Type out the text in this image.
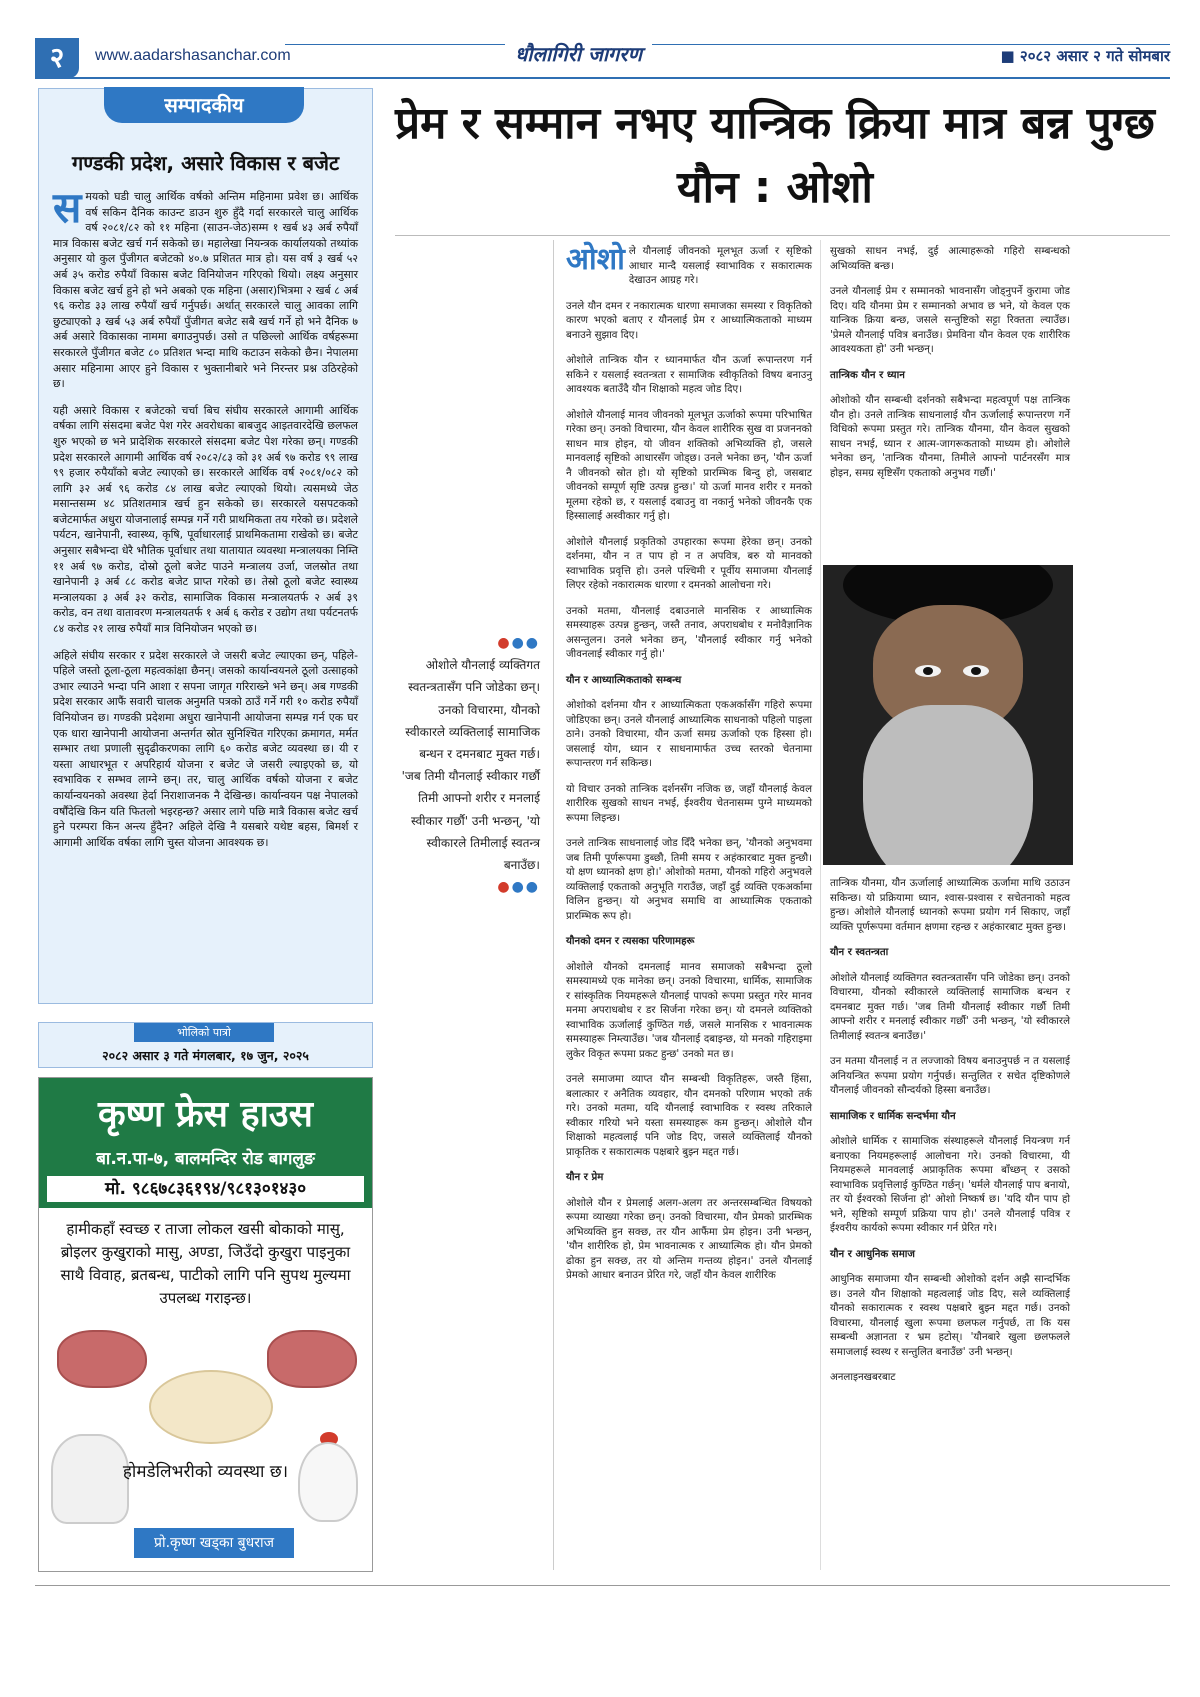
२	www.aadarshasanchar.com	धौलागिरी जागरण	■ २०८२ असार २ गते सोमबार
सम्पादकीय
गण्डकी प्रदेश, असारे विकास र बजेट

समयको घडी चालु आर्थिक वर्षको अन्तिम महिनामा प्रवेश छ। आर्थिक वर्ष सकिन दैनिक काउन्ट डाउन शुरु हुँदै गर्दा सरकारले चालु आर्थिक वर्ष २०८१/८२ को ११ महिना (साउन-जेठ)सम्म १ खर्ब ४३ अर्ब रुपैयाँ मात्र विकास बजेट खर्च गर्न सकेको छ। महालेखा नियन्त्रक कार्यालयको तथ्यांक अनुसार यो कुल पुँजीगत बजेटको ४०.७ प्रशितत मात्र हो। यस वर्ष ३ खर्ब ५२ अर्ब ३५ करोड रुपैयाँ विकास बजेट विनियोजन गरिएको थियो। लक्ष्य अनुसार विकास बजेट खर्च हुने हो भने अबको एक महिना (असार)भित्रमा २ खर्ब ८ अर्ब ९६ करोड ३३ लाख रुपैयाँ खर्च गर्नुपर्छ। अर्थात् सरकारले चालु आवका लागि छुट्याएको ३ खर्ब ५३ अर्ब रुपैयाँ पुँजीगत बजेट सबै खर्च गर्ने हो भने दैनिक ७ अर्ब असारे विकासका नाममा बगाउनुपर्छ। उसो त पछिल्लो आर्थिक वर्षहरूमा सरकारले पुँजीगत बजेट ८० प्रतिशत भन्दा माथि कटाउन सकेको छैन। नेपालमा असार महिनामा आएर हुने विकास र भुक्तानीबारे भने निरन्तर प्रश्न उठिरहेको छ।

यही असारे विकास र बजेटको चर्चा बिच संघीय सरकारले आगामी आर्थिक वर्षका लागि संसदमा बजेट पेश गरेर अवरोधका बाबजुद आइतवारदेखि छलफल शुरु भएको छ भने प्रादेशिक सरकारले संसदमा बजेट पेश गरेका छन्। गण्डकी प्रदेश सरकारले आगामी आर्थिक वर्ष २०८२/८३ को ३१ अर्ब ९७ करोड ९९ लाख ९९ हजार रुपैयाँको बजेट ल्याएको छ। सरकारले आर्थिक वर्ष २०८१/०८२ को लागि ३२ अर्ब ९६ करोड ८४ लाख बजेट ल्याएको थियो। त्यसमध्ये जेठ मसान्तसम्म ४८ प्रतिशतमात्र खर्च हुन सकेको छ। सरकारले यसपटकको बजेटमार्फत अधुरा योजनालाई सम्पन्न गर्ने गरी प्राथमिकता तय गरेको छ। प्रदेशले पर्यटन, खानेपानी, स्वास्थ्य, कृषि, पूर्वाधारलाई प्राथमिकतामा राखेको छ। बजेट अनुसार सबैभन्दा धेरै भौतिक पूर्वाधार तथा यातायात व्यवस्था मन्त्रालयका निम्ति ११ अर्ब ९७ करोड, दोस्रो ठूलो बजेट पाउने मन्त्रालय उर्जा, जलस्रोत तथा खानेपानी ३ अर्ब ८८ करोड बजेट प्राप्त गरेको छ। तेस्रो ठूलो बजेट स्वास्थ्य मन्त्रालयका ३ अर्ब ३२ करोड, सामाजिक विकास मन्त्रालयतर्फ २ अर्ब ३९ करोड, वन तथा वातावरण मन्त्रालयतर्फ १ अर्ब ६ करोड र उद्योग तथा पर्यटनतर्फ ८४ करोड २१ लाख रुपैयाँ मात्र विनियोजन भएको छ।

अहिले संघीय सरकार र प्रदेश सरकारले जे जसरी बजेट ल्याएका छन्, पहिले-पहिले जस्तो ठूला-ठूला महत्वकांक्षा छैनन्। जसको कार्यान्वयनले ठूलो उत्साहको उभार ल्याउने भन्दा पनि आशा र सपना जागृत गरिराख्ने भने छन्। अब गण्डकी प्रदेश सरकार आफैं सवारी चालक अनुमति पत्रको ठाउँ गर्ने गरी १० करोड रुपैयाँ विनियोजन छ। गण्डकी प्रदेशमा अधुरा खानेपानी आयोजना सम्पन्न गर्न एक घर एक धारा खानेपानी आयोजना अन्तर्गत स्रोत सुनिश्चित गरिएका क्रमागत, मर्मत सम्भार तथा प्रणाली सुदृढीकरणका लागि ६० करोड बजेट व्यवस्था छ। यी र यस्ता आधारभूत र अपरिहार्य योजना र बजेट जे जसरी ल्याइएको छ, यो स्वभाविक र सम्भव लाग्ने छन्। तर, चालु आर्थिक वर्षको योजना र बजेट कार्यान्वयनको अवस्था हेर्दा निराशाजनक नै देखिन्छ। कार्यान्वयन पक्ष नेपालको वर्षौंदेखि किन यति फितलो भइरहन्छ? असार लागे पछि मात्रै विकास बजेट खर्च हुने परम्परा किन अन्त्य हुँदैन? अहिले देखि नै यसबारे यथेष्ट बहस, बिमर्श र आगामी आर्थिक वर्षका लागि चुस्त योजना आवश्यक छ।

भोलिको पात्रो
२०८२ असार ३ गते मंगलबार, १७ जुन, २०२५
कृष्ण फ्रेस हाउस
बा.न.पा-७, बालमन्दिर रोड बागलुङ
मो. ९८६७८३६१९४/९८१३०१४३०
हामीकहाँ स्वच्छ र ताजा लोकल खसी बोकाको मासु, ब्रोइलर कुखुराको मासु, अण्डा, जिउँदो कुखुरा पाइनुका साथै विवाह, ब्रतबन्ध, पाटीको लागि पनि सुपथ मुल्यमा उपलब्ध गराइन्छ।
होमडेलिभरीको व्यवस्था छ।
प्रो.कृष्ण खड्का बुधराज
प्रेम र सम्मान नभए यान्त्रिक क्रिया मात्र बन्न पुग्छ यौन : ओशो
●●●
ओशोले यौनलाई व्यक्तिगत स्वतन्त्रतासँग पनि जोडेका छन्। उनको विचारमा, यौनको स्वीकारले व्यक्तिलाई सामाजिक बन्धन र दमनबाट मुक्त गर्छ। 'जब तिमी यौनलाई स्वीकार गर्छौ तिमी आफ्नो शरीर र मनलाई स्वीकार गर्छौ' उनी भन्छन्, 'यो स्वीकारले तिमीलाई स्वतन्त्र बनाउँछ।
●●●

ओशो ले यौनलाई जीवनको मूलभूत ऊर्जा र सृष्टिको आधार मान्दै यसलाई स्वाभाविक र सकारात्मक देखाउन आग्रह गरे।

उनले यौन दमन र नकारात्मक धारणा समाजका समस्या र विकृतिको कारण भएको बताए र यौनलाई प्रेम र आध्यात्मिकताको माध्यम बनाउने सुझाव दिए।

ओशोले तान्त्रिक यौन र ध्यानमार्फत यौन ऊर्जा रूपान्तरण गर्न सकिने र यसलाई स्वतन्त्रता र सामाजिक स्वीकृतिको विषय बनाउनु आवश्यक बताउँदै यौन शिक्षाको महत्व जोड दिए।

ओशोले यौनलाई मानव जीवनको मूलभूत ऊर्जाको रूपमा परिभाषित गरेका छन्। उनको विचारमा, यौन केवल शारीरिक सुख वा प्रजननको साधन मात्र होइन, यो जीवन शक्तिको अभिव्यक्ति हो, जसले मानवलाई सृष्टिको आधारसँग जोड्छ। उनले भनेका छन्, 'यौन ऊर्जा नै जीवनको स्रोत हो। यो सृष्टिको प्रारम्भिक बिन्दु हो, जसबाट जीवनको सम्पूर्ण सृष्टि उत्पन्न हुन्छ।' यो ऊर्जा मानव शरीर र मनको मूलमा रहेको छ, र यसलाई दबाउनु वा नकार्नु भनेको जीवनकै एक हिस्सालाई अस्वीकार गर्नु हो।

ओशोले यौनलाई प्रकृतिको उपहारका रूपमा हेरेका छन्। उनको दर्शनमा, यौन न त पाप हो न त अपवित्र, बरु यो मानवको स्वाभाविक प्रवृत्ति हो। उनले पश्चिमी र पूर्वीय समाजमा यौनलाई लिएर रहेको नकारात्मक धारणा र दमनको आलोचना गरे।

उनको मतमा, यौनलाई दबाउनाले मानसिक र आध्यात्मिक समस्याहरू उत्पन्न हुन्छन्, जस्तै तनाव, अपराधबोध र मनोवैज्ञानिक असन्तुलन। उनले भनेका छन्, 'यौनलाई स्वीकार गर्नु भनेको जीवनलाई स्वीकार गर्नु हो।'

यौन र आध्यात्मिकताको सम्बन्ध

ओशोको दर्शनमा यौन र आध्यात्मिकता एकअर्कासँग गहिरो रूपमा जोडिएका छन्। उनले यौनलाई आध्यात्मिक साधनाको पहिलो पाइला ठाने। उनको विचारमा, यौन ऊर्जा समग्र ऊर्जाको एक हिस्सा हो। जसलाई योग, ध्यान र साधनामार्फत उच्च स्तरको चेतनामा रूपान्तरण गर्न सकिन्छ।

यो विचार उनको तान्त्रिक दर्शनसँग नजिक छ, जहाँ यौनलाई केवल शारीरिक सुखको साधन नभई, ईश्वरीय चेतनासम्म पुग्ने माध्यमको रूपमा लिइन्छ।

उनले तान्त्रिक साधनालाई जोड दिँदै भनेका छन्, 'यौनको अनुभवमा जब तिमी पूर्णरूपमा डुब्छौ, तिमी समय र अहंकारबाट मुक्त हुन्छौ। यो क्षण ध्यानको क्षण हो।' ओशोको मतमा, यौनको गहिरो अनुभवले व्यक्तिलाई एकताको अनुभूति गराउँछ, जहाँ दुई व्यक्ति एकअर्कामा विलिन हुन्छन्। यो अनुभव समाधि वा आध्यात्मिक एकताको प्रारम्भिक रूप हो।

यौनको दमन र त्यसका परिणामहरू

ओशोले यौनको दमनलाई मानव समाजको सबैभन्दा ठूलो समस्यामध्ये एक मानेका छन्। उनको विचारमा, धार्मिक, सामाजिक र सांस्कृतिक नियमहरूले यौनलाई पापको रूपमा प्रस्तुत गरेर मानव मनमा अपराधबोध र डर सिर्जना गरेका छन्। यो दमनले व्यक्तिको स्वाभाविक ऊर्जालाई कुण्ठित गर्छ, जसले मानसिक र भावनात्मक समस्याहरू निम्त्याउँछ। 'जब यौनलाई दबाइन्छ, यो मनको गहिराइमा लुकेर विकृत रूपमा प्रकट हुन्छ' उनको मत छ।

उनले समाजमा व्याप्त यौन सम्बन्धी विकृतिहरू, जस्तै हिंसा, बलात्कार र अनैतिक व्यवहार, यौन दमनको परिणाम भएको तर्क गरे। उनको मतमा, यदि यौनलाई स्वाभाविक र स्वस्थ तरिकाले स्वीकार गरियो भने यस्ता समस्याहरू कम हुन्छन्। ओशोले यौन शिक्षाको महत्वलाई पनि जोड दिए, जसले व्यक्तिलाई यौनको प्राकृतिक र सकारात्मक पक्षबारे बुझ्न मद्दत गर्छ।

यौन र प्रेम

ओशोले यौन र प्रेमलाई अलग-अलग तर अन्तरसम्बन्धित विषयको रूपमा व्याख्या गरेका छन्। उनको विचारमा, यौन प्रेमको प्रारम्भिक अभिव्यक्ति हुन सक्छ, तर यौन आफैंमा प्रेम होइन। उनी भन्छन्, 'यौन शारीरिक हो, प्रेम भावनात्मक र आध्यात्मिक हो। यौन प्रेमको ढोका हुन सक्छ, तर यो अन्तिम गन्तव्य होइन।' उनले यौनलाई प्रेमको आधार बनाउन प्रेरित गरे, जहाँ यौन केवल शारीरिक

सुखको साधन नभई, दुई आत्माहरूको गहिरो सम्बन्धको अभिव्यक्ति बन्छ।

उनले यौनलाई प्रेम र सम्मानको भावनासँग जोड्नुपर्ने कुरामा जोड दिए। यदि यौनमा प्रेम र सम्मानको अभाव छ भने, यो केवल एक यान्त्रिक क्रिया बन्छ, जसले सन्तुष्टिको सट्टा रिक्तता ल्याउँछ। 'प्रेमले यौनलाई पवित्र बनाउँछ। प्रेमविना यौन केवल एक शारीरिक आवश्यकता हो' उनी भन्छन्।

तान्त्रिक यौन र ध्यान

ओशोको यौन सम्बन्धी दर्शनको सबैभन्दा महत्वपूर्ण पक्ष तान्त्रिक यौन हो। उनले तान्त्रिक साधनालाई यौन ऊर्जालाई रूपान्तरण गर्ने विधिको रूपमा प्रस्तुत गरे। तान्त्रिक यौनमा, यौन केवल सुखको साधन नभई, ध्यान र आत्म-जागरूकताको माध्यम हो। ओशोले भनेका छन्, 'तान्त्रिक यौनमा, तिमीले आफ्नो पार्टनरसँग मात्र होइन, समग्र सृष्टिसँग एकताको अनुभव गर्छौ।'

तान्त्रिक यौनमा, यौन ऊर्जालाई आध्यात्मिक ऊर्जामा माथि उठाउन सकिन्छ। यो प्रक्रियामा ध्यान, श्वास-प्रश्वास र सचेतनाको महत्व हुन्छ। ओशोले यौनलाई ध्यानको रूपमा प्रयोग गर्न सिकाए, जहाँ व्यक्ति पूर्णरूपमा वर्तमान क्षणमा रहन्छ र अहंकारबाट मुक्त हुन्छ।

यौन र स्वतन्त्रता

ओशोले यौनलाई व्यक्तिगत स्वतन्त्रतासँग पनि जोडेका छन्। उनको विचारमा, यौनको स्वीकारले व्यक्तिलाई सामाजिक बन्धन र दमनबाट मुक्त गर्छ। 'जब तिमी यौनलाई स्वीकार गर्छौ तिमी आफ्नो शरीर र मनलाई स्वीकार गर्छौ' उनी भन्छन्, 'यो स्वीकारले तिमीलाई स्वतन्त्र बनाउँछ।'

उन मतमा यौनलाई न त लज्जाको विषय बनाउनुपर्छ न त यसलाई अनियन्त्रित रूपमा प्रयोग गर्नुपर्छ। सन्तुलित र सचेत दृष्टिकोणले यौनलाई जीवनको सौन्दर्यको हिस्सा बनाउँछ।

सामाजिक र धार्मिक सन्दर्भमा यौन

ओशोले धार्मिक र सामाजिक संस्थाहरूले यौनलाई नियन्त्रण गर्न बनाएका नियमहरूलाई आलोचना गरे। उनको विचारमा, यी नियमहरूले मानवलाई अप्राकृतिक रूपमा बाँध्छन् र उसको स्वाभाविक प्रवृत्तिलाई कुण्ठित गर्छन्। 'धर्मले यौनलाई पाप बनायो, तर यो ईश्वरको सिर्जना हो' ओशो निष्कर्ष छ। 'यदि यौन पाप हो भने, सृष्टिको सम्पूर्ण प्रक्रिया पाप हो।' उनले यौनलाई पवित्र र ईश्वरीय कार्यको रूपमा स्वीकार गर्न प्रेरित गरे।

यौन र आधुनिक समाज

आधुनिक समाजमा यौन सम्बन्धी ओशोको दर्शन अझै सान्दर्भिक छ। उनले यौन शिक्षाको महत्वलाई जोड दिए, सले व्यक्तिलाई यौनको सकारात्मक र स्वस्थ पक्षबारे बुझ्न मद्दत गर्छ। उनको विचारमा, यौनलाई खुला रूपमा छलफल गर्नुपर्छ, ता कि यस सम्बन्धी अज्ञानता र भ्रम हटोस्। 'यौनबारे खुला छलफलले समाजलाई स्वस्थ र सन्तुलित बनाउँछ' उनी भन्छन्।

अनलाइनखबरबाट
